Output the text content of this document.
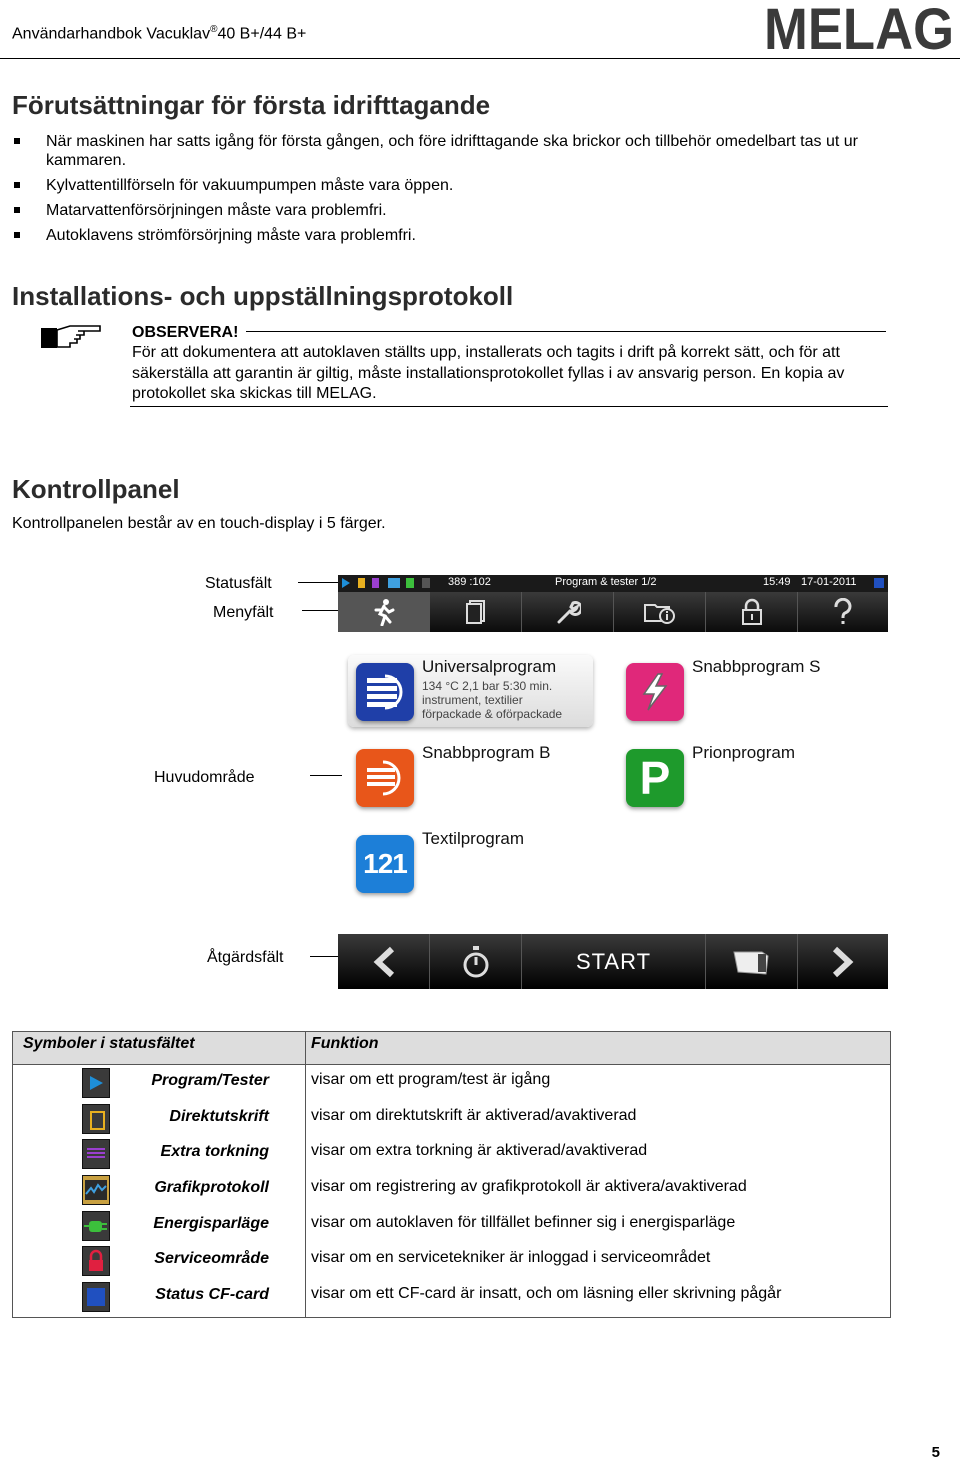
Användarhandbok Vacuklav®40 B+/44 B+	MELAG
Förutsättningar för första idrifttagande
När maskinen har satts igång för första gången, och före idrifttagande ska brickor och tillbehör omedelbart tas ut ur kammaren.
Kylvattentillförseln för vakuumpumpen måste vara öppen.
Matarvattenförsörjningen måste vara problemfri.
Autoklavens strömförsörjning måste vara problemfri.
Installations- och uppställningsprotokoll
OBSERVERA!
För att dokumentera att autoklaven ställts upp, installerats och tagits i drift på korrekt sätt, och för att säkerställa att garantin är giltig, måste installationsprotokollet fyllas i av ansvarig person. En kopia av protokollet ska skickas till MELAG.
Kontrollpanel
Kontrollpanelen består av en touch-display i 5 färger.
Statusfält
Menyfält
Huvudområde
Åtgärdsfält
389 :102	Program & tester 1/2	15:49 17-01-2011
Universalprogram
134 °C 2,1 bar 5:30 min.
instrument, textilier
förpackade & oförpackade
Snabbprogram S
Snabbprogram B P	Prionprogram
121
Textilprogram
START
Symboler i statusfältet	Funktion
Program/Tester	visar om ett program/test är igång
Direktutskrift	visar om direktutskrift är aktiverad/avaktiverad
Extra torkning	visar om extra torkning är aktiverad/avaktiverad
Grafikprotokoll	visar om registrering av grafikprotokoll är aktivera/avaktiverad
Energisparläge	visar om autoklaven för tillfället befinner sig i energisparläge
Serviceområde	visar om en servicetekniker är inloggad i serviceområdet
Status CF-card	visar om ett CF-card är insatt, och om läsning eller skrivning pågår
5
